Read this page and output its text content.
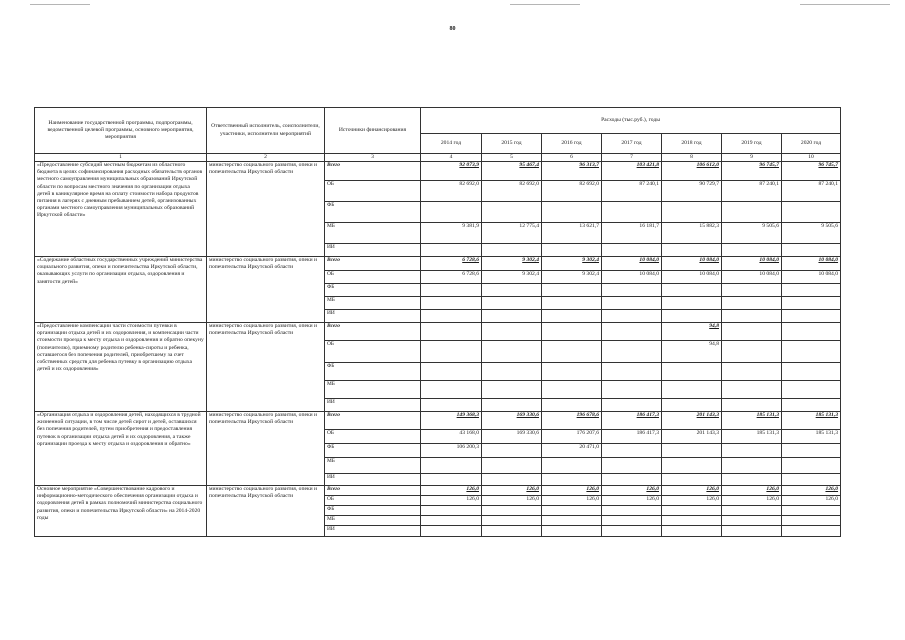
80
Наименование государственной программы, подпрограммы, ведомственной целевой программы, основного мероприятия, мероприятия	Ответственный исполнитель, соисполнители, участники, исполнители мероприятий	Источники финансирования	Расходы (тыс.руб.), годы						
			2014 год	2015 год	2016 год	2017 год	2018 год	2019 год	2020 год
1	2	3	4	5	6	7	8	9	10
«Предоставление субсидий местным бюджетам из областного бюджета в целях софинансирования расходных обязательств органов местного самоуправления муниципальных образований Иркутской области по вопросам местного значения по организации отдыха детей в каникулярное время на оплату стоимости набора продуктов питания в лагерях с дневным пребыванием детей, организованных органами местного самоуправления муниципальных образований Иркутской области»	министерство социального развития, опеки и попечительства Иркутской области	Всего	92 073,9	95 467,4	96 313,7	103 421,8	106 612,0	96 745,7	96 745,7
		ОБ	82 692,0	82 692,0	82 692,0	87 240,1	90 729,7	87 240,1	87 240,1
		ФБ							
		МБ	9 381,9	12 775,4	13 621,7	16 181,7	15 882,3	9 505,6	9 505,6
		ИИ							
«Содержание областных государственных учреждений министерства социального развития, опеки и попечительства Иркутской области, оказывающих услуги по организации отдыха, оздоровления и занятости детей»	министерство социального развития, опеки и попечительства Иркутской области	Всего	6 728,6	9 302,4	9 302,4	10 084,0	10 084,0	10 084,0	10 084,0
		ОБ	6 728,6	9 302,4	9 302,4	10 084,0	10 084,0	10 084,0	10 084,0
		ФБ							
		МБ							
		ИИ							
«Предоставление компенсации части стоимости путевки в организации отдыха детей и их оздоровления, и компенсации части стоимости проезда к месту отдыха и оздоровления и обратно опекуну (попечителю), приемному родителю ребенка-сироты и ребенка, оставшегося без попечения родителей, приобретшему за счет собственных средств для ребенка путевку в организацию отдыха детей и их оздоровления»	министерство социального развития, опеки и попечительства Иркутской области	Всего					94,8		
		ОБ					94,8		
		ФБ							
		МБ							
		ИИ							
«Организация отдыха и оздоровления детей, находящихся в трудной жизненной ситуации, в том числе детей сирот и детей, оставшихся без попечения родителей, путем приобретения и предоставления путевок в организации отдыха детей и их оздоровления, а также организации проезда к месту отдыха и оздоровления и обратно»	министерство социального развития, опеки и попечительства Иркутской области	Всего	149 368,3	169 330,6	196 678,6	186 417,3	201 143,3	185 131,3	185 131,3
		ОБ	43 168,0	169 330,6	176 207,6	186 417,3	201 143,3	185 131,3	185 131,3
		ФБ	106 200,3		20 471,0				
		МБ							
		ИИ							
Основное мероприятие «Совершенствование кадрового и информационно-методического обеспечения организации отдыха и оздоровления детей в рамках полномочий министерства социального развития, опеки и попечительства Иркутской области» на 2014-2020 годы	министерство социального развития, опеки и попечительства Иркутской области	Всего	126,0	126,0	126,0	126,0	126,0	126,0	126,0
		ОБ	126,0	126,0	126,0	126,0	126,0	126,0	126,0
		ФБ							
		МБ							
		ИИ							
